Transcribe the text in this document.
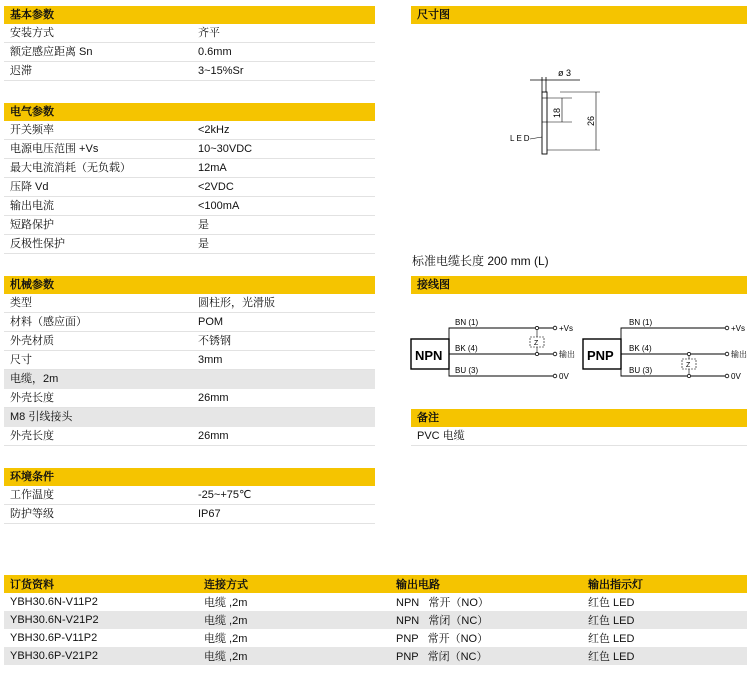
基本参数
安装方式	齐平
额定感应距离 Sn	0.6mm
迟滞	3~15%Sr
电气参数
开关频率	<2kHz
电源电压范围 +Vs	10~30VDC
最大电流消耗（无负载）	12mA
压降 Vd	<2VDC
输出电流	<100mA
短路保护	是
反极性保护	是
机械参数
类型	圆柱形，光滑版
材料（感应面）	POM
外壳材质	不锈钢
尺寸	3mm
电缆，2m
外壳长度	26mm
M8 引线接头
外壳长度	26mm
环境条件
工作温度	-25~+75℃
防护等级	IP67
尺寸图
ø 3
18
26
LED
标准电缆长度 200 mm (L)
接线图
NPN
BN (1)
BK (4)
BU (3)
Z
+Vs
输出
0V
PNP
BN (1)
BK (4)
BU (3)
Z
+Vs
输出
0V
备注
PVC 电缆
订货资料	连接方式	输出电路	输出指示灯
YBH30.6N-V11P2	电缆 ,2m	NPN   常开（NO）	红色 LED
YBH30.6N-V21P2	电缆 ,2m	NPN   常闭（NC）	红色 LED
YBH30.6P-V11P2	电缆 ,2m	PNP   常开（NO）	红色 LED
YBH30.6P-V21P2	电缆 ,2m	PNP   常闭（NC）	红色 LED
